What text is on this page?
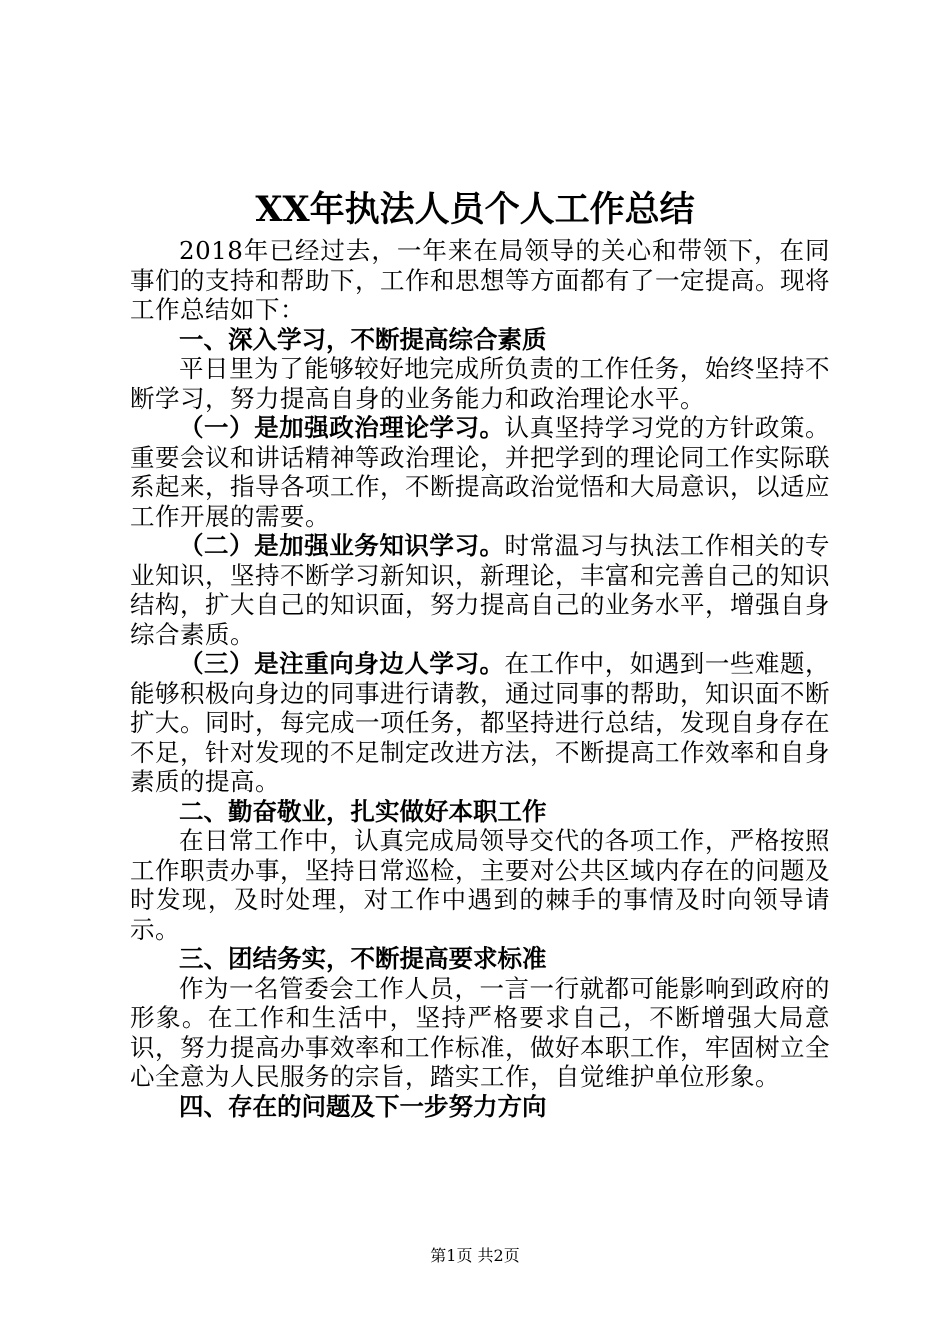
XX年执法人员个人工作总结

2018年已经过去，一年来在局领导的关心和带领下，在同事们的支持和帮助下，工作和思想等方面都有了一定提高。现将工作总结如下：

一、深入学习，不断提高综合素质

平日里为了能够较好地完成所负责的工作任务，始终坚持不断学习，努力提高自身的业务能力和政治理论水平。

（一）是加强政治理论学习。认真坚持学习党的方针政策。重要会议和讲话精神等政治理论，并把学到的理论同工作实际联系起来，指导各项工作，不断提高政治觉悟和大局意识，以适应工作开展的需要。

（二）是加强业务知识学习。时常温习与执法工作相关的专业知识，坚持不断学习新知识，新理论，丰富和完善自己的知识结构，扩大自己的知识面，努力提高自己的业务水平，增强自身综合素质。

（三）是注重向身边人学习。在工作中，如遇到一些难题，能够积极向身边的同事进行请教，通过同事的帮助，知识面不断扩大。同时，每完成一项任务，都坚持进行总结，发现自身存在不足，针对发现的不足制定改进方法，不断提高工作效率和自身素质的提高。

二、勤奋敬业，扎实做好本职工作

在日常工作中，认真完成局领导交代的各项工作，严格按照工作职责办事，坚持日常巡检，主要对公共区域内存在的问题及时发现，及时处理，对工作中遇到的棘手的事情及时向领导请示。

三、团结务实，不断提高要求标准

作为一名管委会工作人员，一言一行就都可能影响到政府的形象。在工作和生活中，坚持严格要求自己，不断增强大局意识，努力提高办事效率和工作标准，做好本职工作，牢固树立全心全意为人民服务的宗旨，踏实工作，自觉维护单位形象。

四、存在的问题及下一步努力方向

第1页 共2页
